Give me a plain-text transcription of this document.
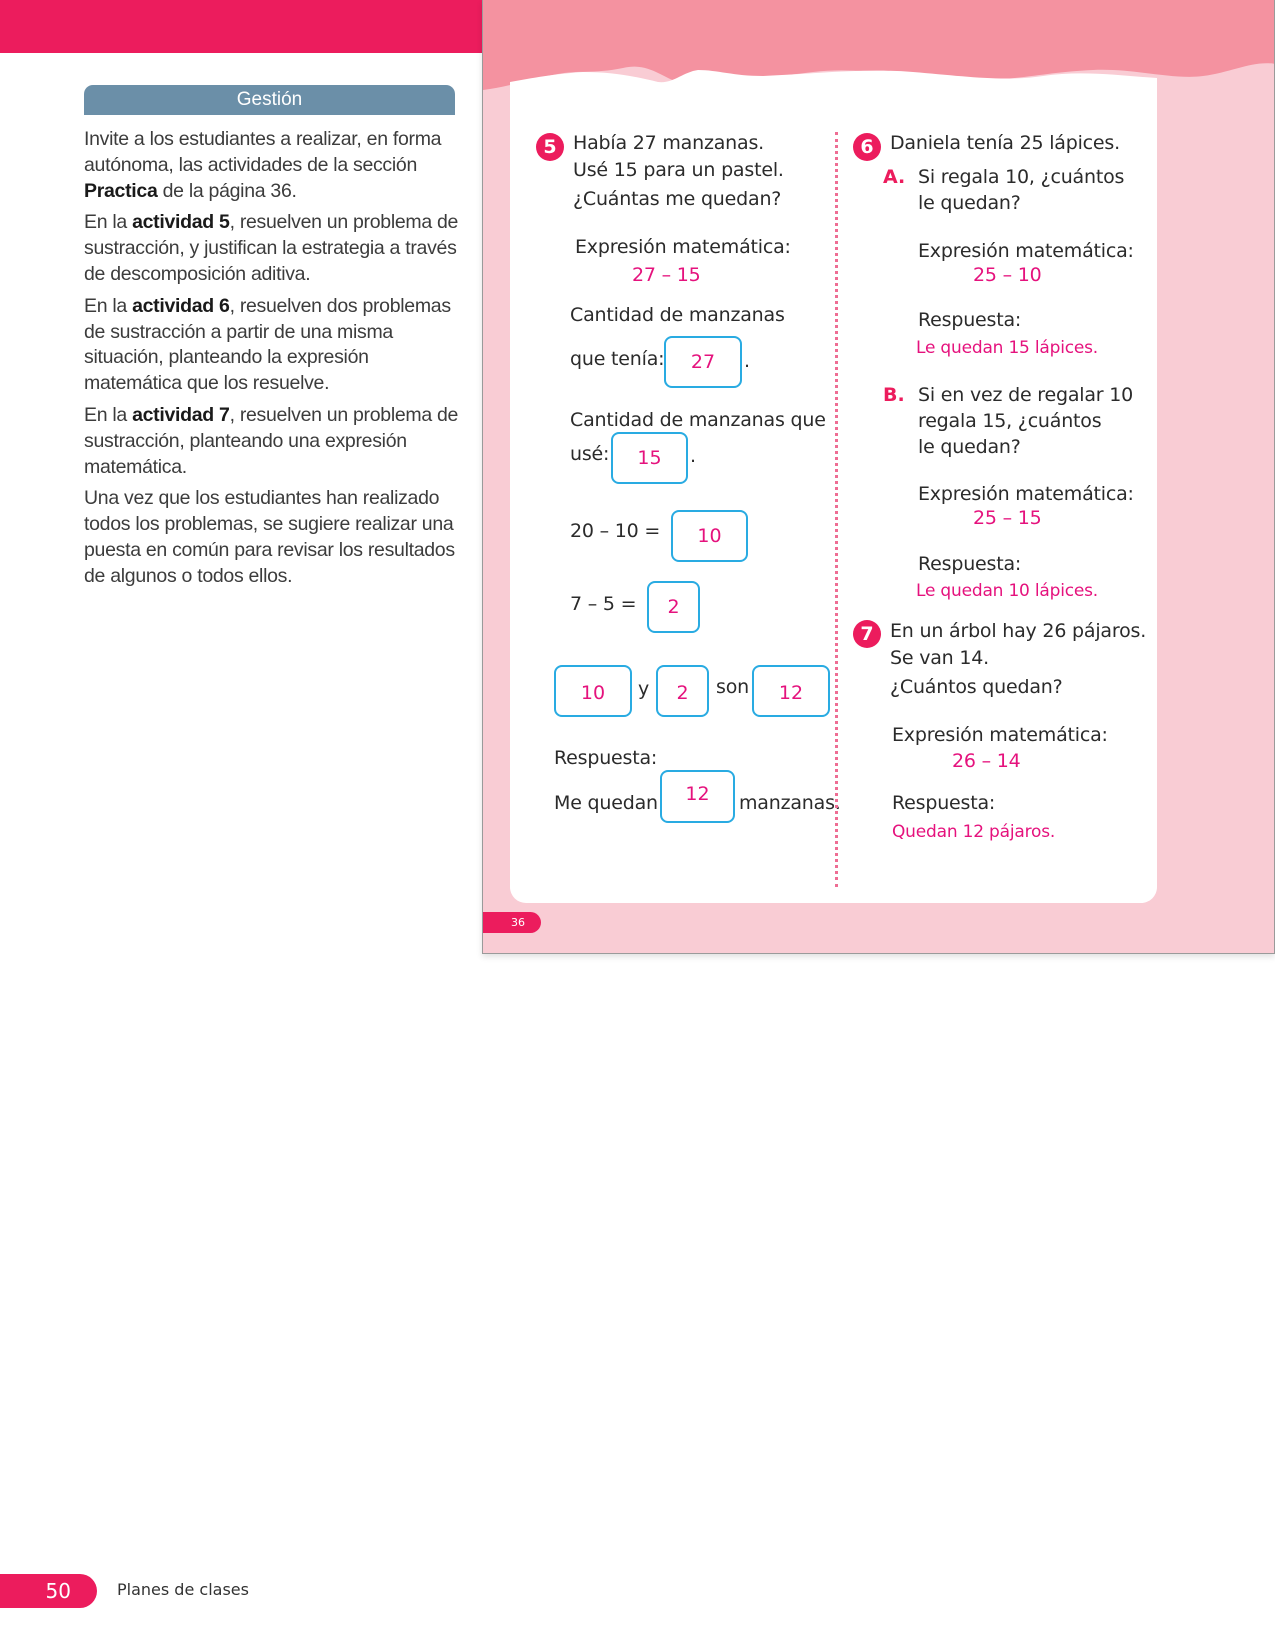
Gestión

Invite a los estudiantes a realizar, en forma autónoma, las actividades de la sección Practica de la página 36.

En la actividad 5, resuelven un problema de sustracción, y justifican la estrategia a través de descomposición aditiva.

En la actividad 6, resuelven dos problemas de sustracción a partir de una misma situación, planteando la expresión matemática que los resuelve.

En la actividad 7, resuelven un problema de sustracción, planteando una expresión matemática.

Una vez que los estudiantes han realizado todos los problemas, se sugiere realizar una puesta en común para revisar los resultados de algunos o todos ellos.

5 Había 27 manzanas.
Usé 15 para un pastel.
¿Cuántas me quedan?
Expresión matemática:
27 – 15
Cantidad de manzanas
que tenía:	27	.
Cantidad de manzanas que
usé:	15	.
20 – 10 =	10
7 – 5 =	2
10	y	2	son	12
Respuesta:
Me quedan	12	manzanas.
6 Daniela tenía 25 lápices.
A. Si regala 10, ¿cuántos
le quedan?
Expresión matemática:
25 – 10
Respuesta:
Le quedan 15 lápices.
B. Si en vez de regalar 10
regala 15, ¿cuántos
le quedan?
Expresión matemática:
25 – 15
Respuesta:
Le quedan 10 lápices.
7 En un árbol hay 26 pájaros.
Se van 14.
¿Cuántos quedan?
Expresión matemática:
26 – 14
Respuesta:
Quedan 12 pájaros.
36
50	Planes de clases
